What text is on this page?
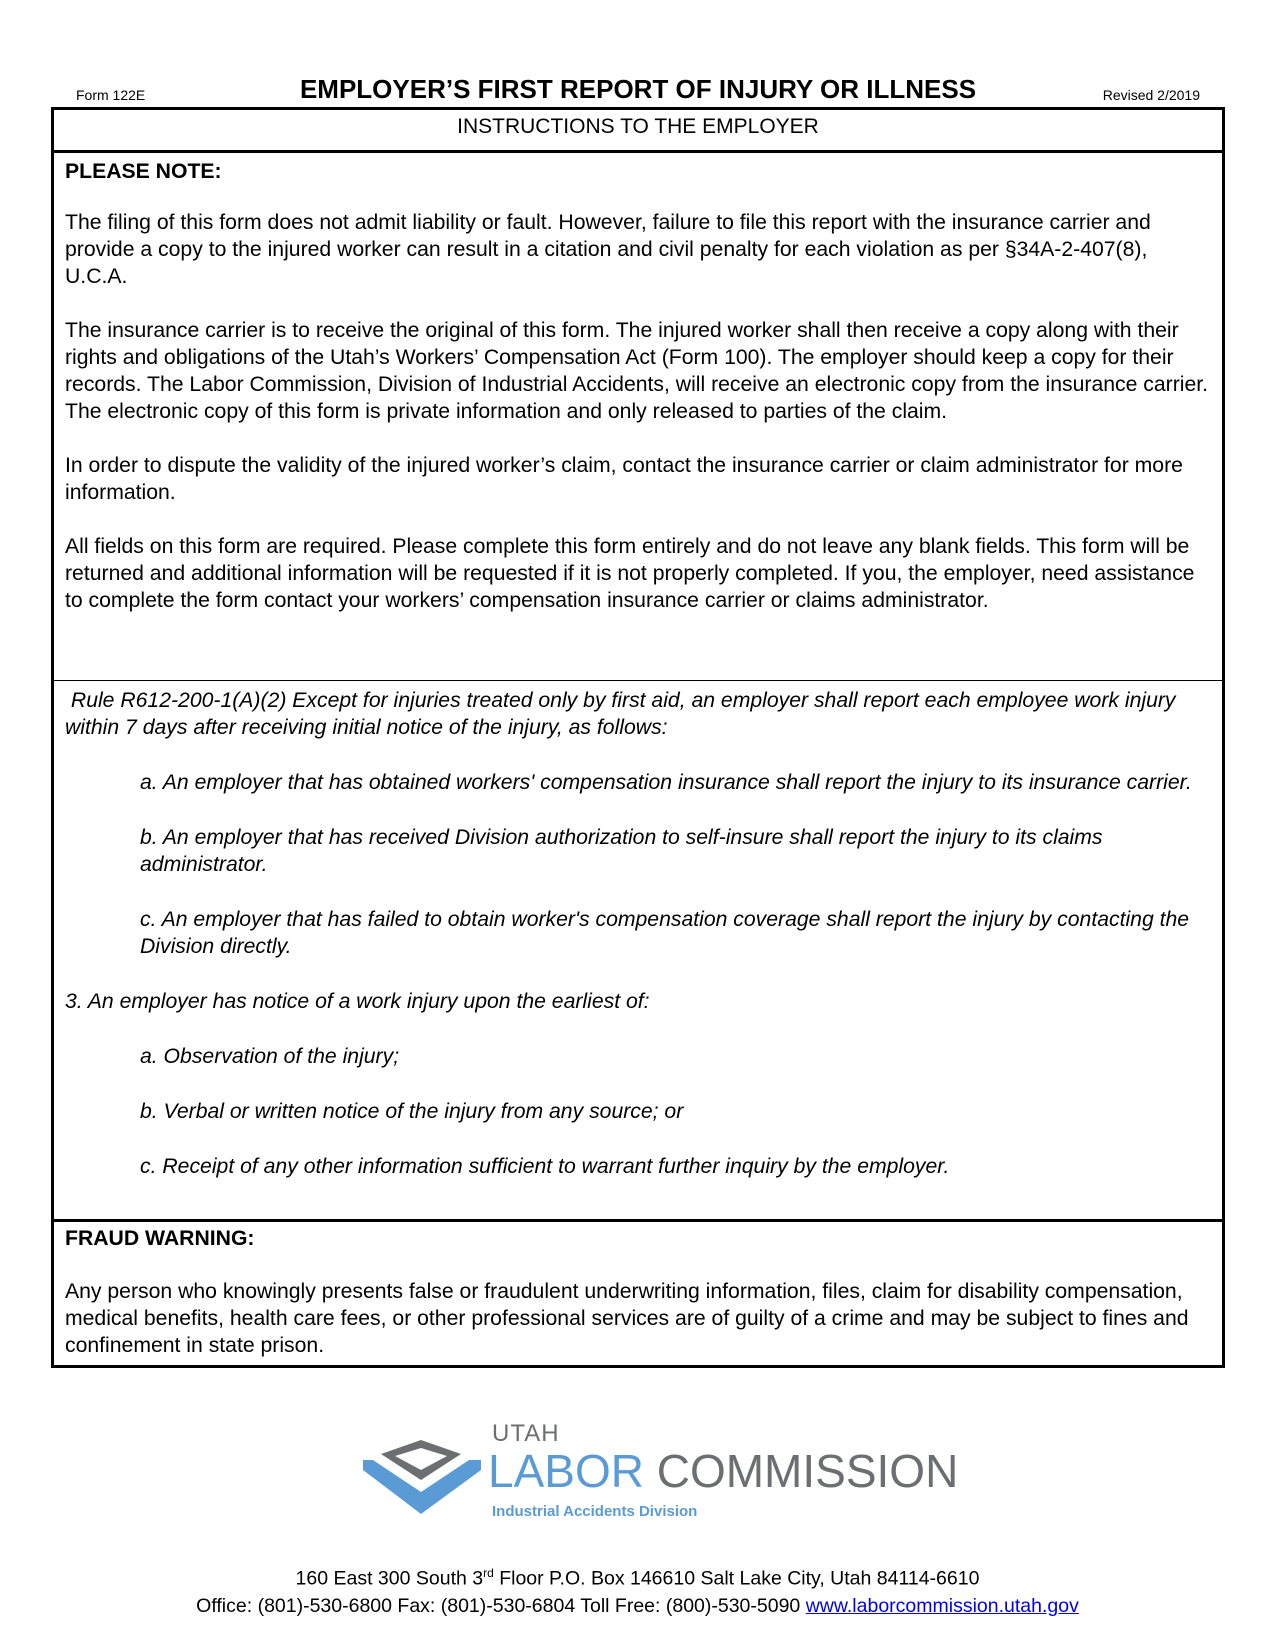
Form 122E	EMPLOYER’S FIRST REPORT OF INJURY OR ILLNESS	Revised 2/2019
INSTRUCTIONS TO THE EMPLOYER
PLEASE NOTE:

The filing of this form does not admit liability or fault. However, failure to file this report with the insurance carrier and provide a copy to the injured worker can result in a citation and civil penalty for each violation as per §34A-2-407(8), U.C.A.

The insurance carrier is to receive the original of this form. The injured worker shall then receive a copy along with their rights and obligations of the Utah’s Workers’ Compensation Act (Form 100). The employer should keep a copy for their records. The Labor Commission, Division of Industrial Accidents, will receive an electronic copy from the insurance carrier. The electronic copy of this form is private information and only released to parties of the claim.

In order to dispute the validity of the injured worker’s claim, contact the insurance carrier or claim administrator for more information.

All fields on this form are required. Please complete this form entirely and do not leave any blank fields. This form will be returned and additional information will be requested if it is not properly completed. If you, the employer, need assistance to complete the form contact your workers’ compensation insurance carrier or claims administrator.

Rule R612-200-1(A)(2) Except for injuries treated only by first aid, an employer shall report each employee work injury within 7 days after receiving initial notice of the injury, as follows:

a. An employer that has obtained workers' compensation insurance shall report the injury to its insurance carrier.

b. An employer that has received Division authorization to self-insure shall report the injury to its claims administrator.

c. An employer that has failed to obtain worker's compensation coverage shall report the injury by contacting the Division directly.

3. An employer has notice of a work injury upon the earliest of:

a. Observation of the injury;

b. Verbal or written notice of the injury from any source; or

c. Receipt of any other information sufficient to warrant further inquiry by the employer.

FRAUD WARNING:

Any person who knowingly presents false or fraudulent underwriting information, files, claim for disability compensation, medical benefits, health care fees, or other professional services are of guilty of a crime and may be subject to fines and confinement in state prison.

UTAH
LABOR COMMISSION
Industrial Accidents Division
160 East 300 South 3rd Floor P.O. Box 146610 Salt Lake City, Utah 84114-6610
Office: (801)-530-6800 Fax: (801)-530-6804 Toll Free: (800)-530-5090 www.laborcommission.utah.gov
